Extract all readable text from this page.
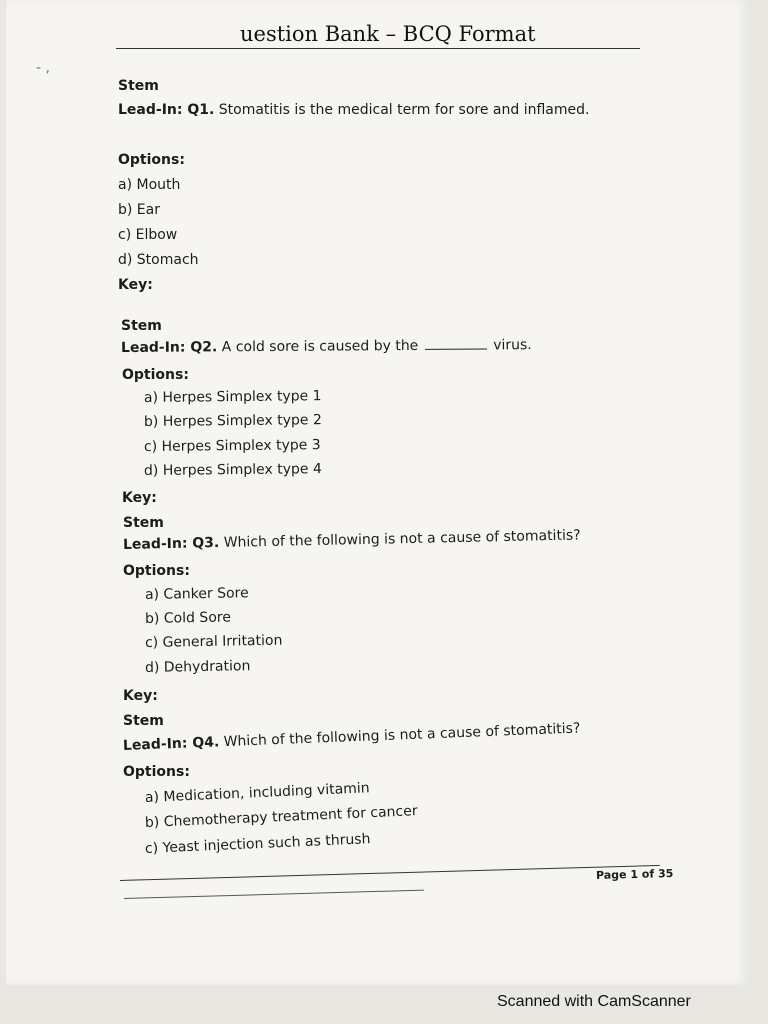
uestion Bank – BCQ Format
- ,
Stem
Lead-In: Q1. Stomatitis is the medical term for sore and inflamed.
Options:
a) Mouth
b) Ear
c) Elbow
d) Stomach
Key:
Stem
Lead-In: Q2. A cold sore is caused by the	virus.
Options:
a) Herpes Simplex type 1
b) Herpes Simplex type 2
c) Herpes Simplex type 3
d) Herpes Simplex type 4
Key:
Stem
Lead-In: Q3. Which of the following is not a cause of stomatitis?
Options:
a) Canker Sore
b) Cold Sore
c) General Irritation
d) Dehydration
Key:
Stem
Lead-In: Q4. Which of the following is not a cause of stomatitis?
Options:
a) Medication, including vitamin
b) Chemotherapy treatment for cancer
c) Yeast injection such as thrush
Page 1 of 35
Scanned with CamScanner
